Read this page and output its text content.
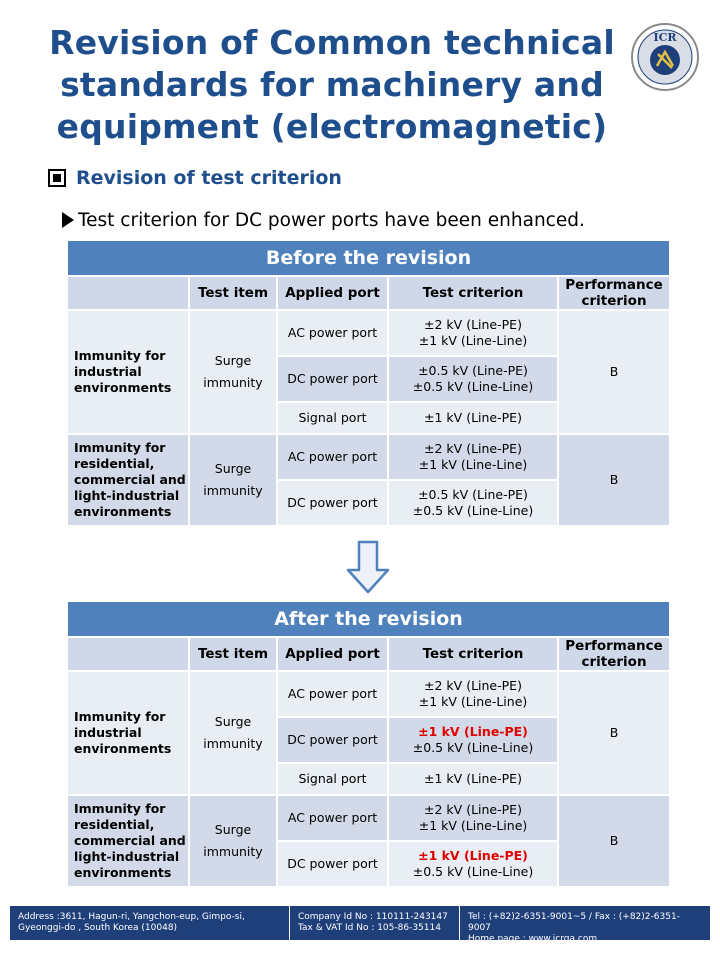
Revision of Common technical standards for machinery and equipment (electromagnetic)
ICR
Revision of test criterion
Test criterion for DC power ports have been enhanced.
Before the revision				
	Test item	Applied port	Test criterion	Performance criterion
Immunity for industrial environments	Surge immunity	AC power port	±2 kV (Line-PE)
±1 kV (Line-Line)	B
		DC power port	±0.5 kV (Line-PE)
±0.5 kV (Line-Line)	

		Signal port	±1 kV (Line-PE)	
Immunity for residential, commercial and light-industrial environments	Surge immunity	AC power port	±2 kV (Line-PE)
±1 kV (Line-Line)	B
		DC power port	±0.5 kV (Line-PE)
±0.5 kV (Line-Line)	
After the revision				
	Test item	Applied port	Test criterion	Performance criterion
Immunity for industrial environments	Surge immunity	AC power port	±2 kV (Line-PE)
±1 kV (Line-Line)	B
		DC power port	±1 kV (Line-PE)
±0.5 kV (Line-Line)	

		Signal port	±1 kV (Line-PE)	
Immunity for residential, commercial and light-industrial environments	Surge immunity	AC power port	±2 kV (Line-PE)
±1 kV (Line-Line)	B
		DC power port	±1 kV (Line-PE)
±0.5 kV (Line-Line)	
Address :3611, Hagun-ri, Yangchon-eup, Gimpo-si,
Gyeonggi-do , South Korea (10048)
Company Id No : 110111-243147
Tax & VAT Id No : 105-86-35114
Tel : (+82)2-6351-9001~5 / Fax : (+82)2-6351-9007
Home page : www.icrqa.com
